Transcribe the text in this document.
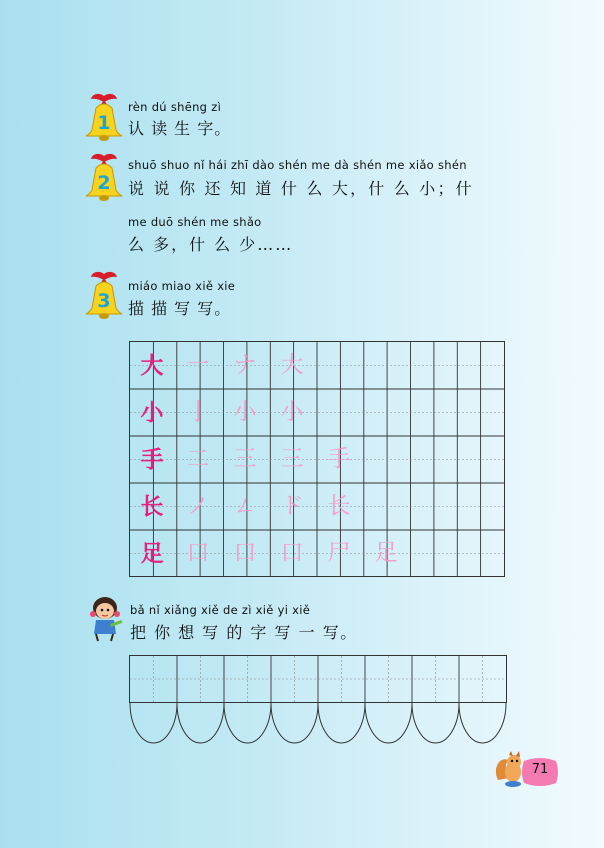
1
rèn dú shēng zì
认 读 生 字。
2
shuō shuo nǐ hái zhī dào shén me dà shén me xiǎo shén
说 说 你 还 知 道 什 么 大，什 么 小；什
me duō shén me shǎo
么 多，什 么 少……
3
miáo miao xiě xie
描 描 写 写。
大 一 ナ 大
小 亅 小 小
手 二 三 三 手
长 ノ ㄥ ド 长
足 口 口 口 尸 足
bǎ nǐ xiǎng xiě de zì xiě yi xiě
把 你 想 写 的 字 写 一 写。
71
